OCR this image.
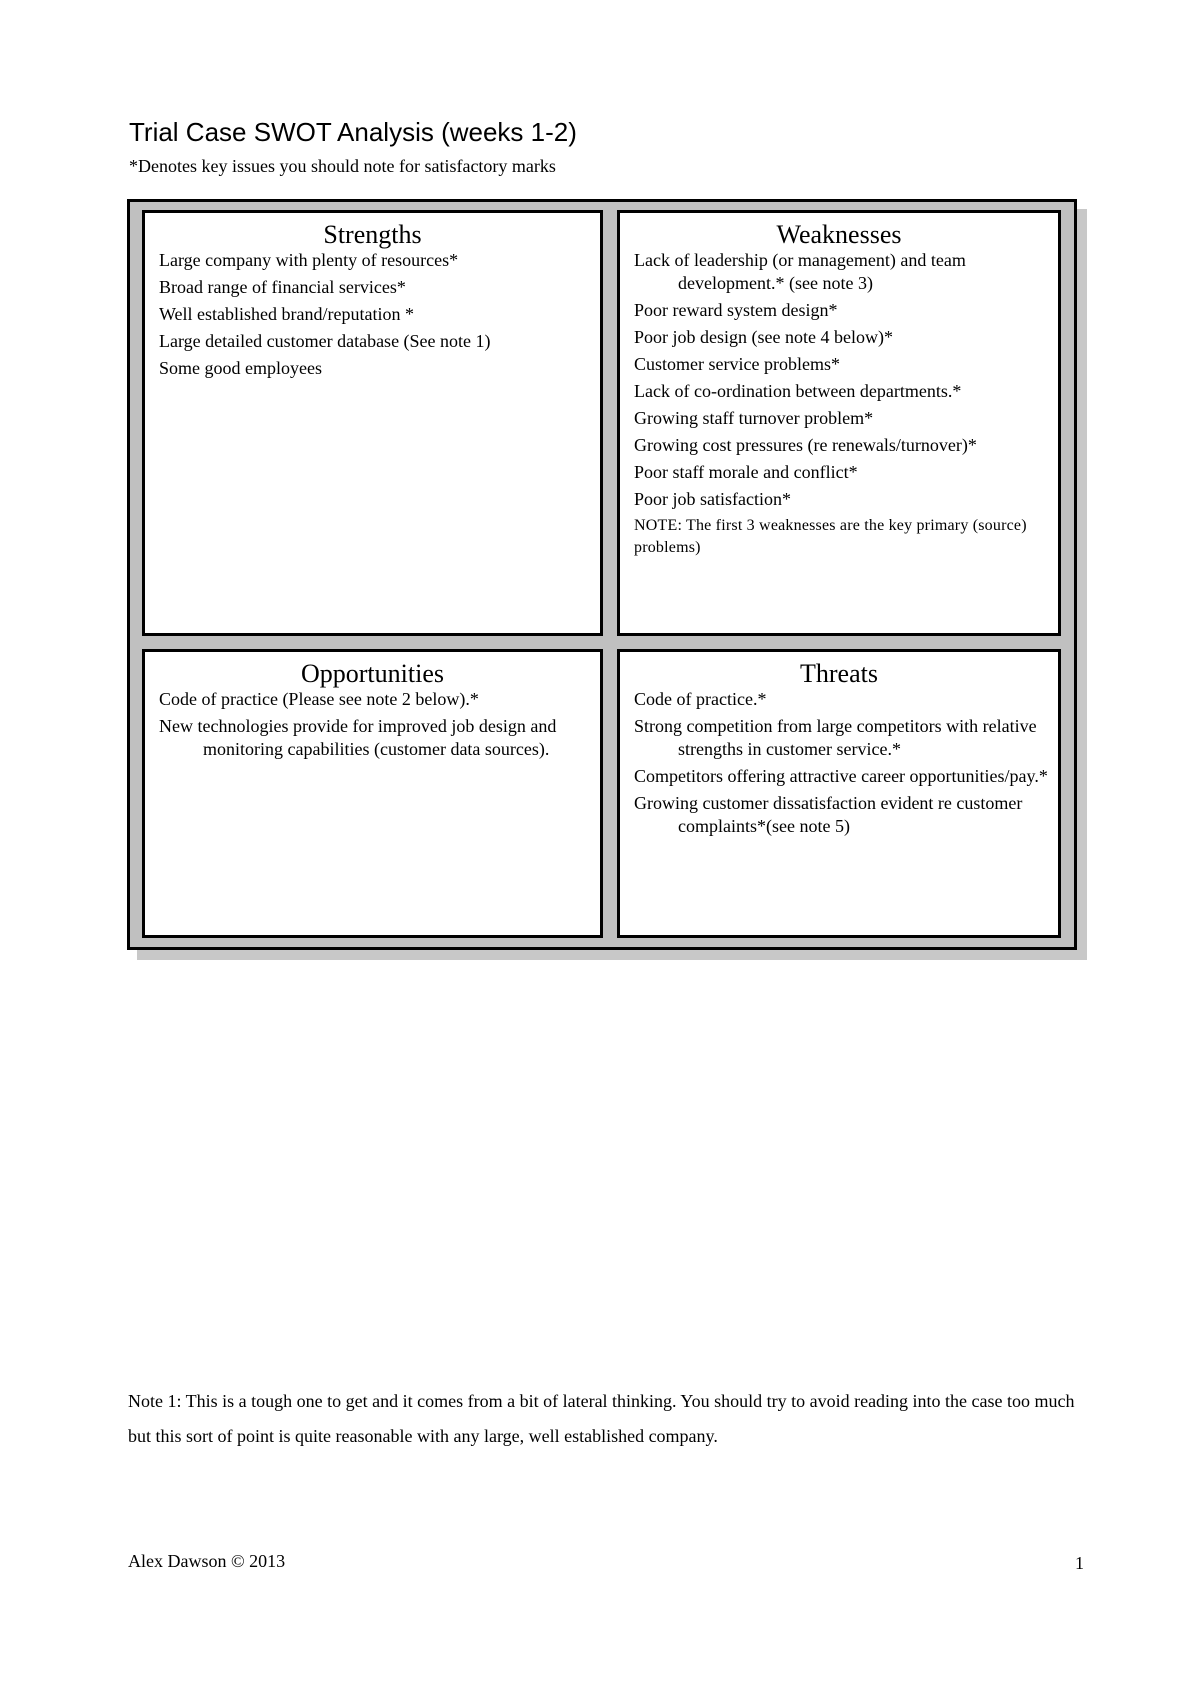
Trial Case SWOT Analysis (weeks 1-2)
*Denotes key issues you should note for satisfactory marks
Strengths
Large company with plenty of resources*
Broad range of financial services*
Well established brand/reputation *
Large detailed customer database (See note 1)
Some good employees
Weaknesses
Lack of leadership (or management) and team development.* (see note 3)
Poor reward system design*
Poor job design (see note 4 below)*
Customer service problems*
Lack of co-ordination between departments.*
Growing staff turnover problem*
Growing cost pressures (re renewals/turnover)*
Poor staff morale and conflict*
Poor job satisfaction*
NOTE: The first 3 weaknesses are the key primary (source) problems)
Opportunities
Code of practice (Please see note 2 below).*
New technologies provide for improved job design and monitoring capabilities (customer data sources).
Threats
Code of practice.*
Strong competition from large competitors with relative strengths in customer service.*
Competitors offering attractive career opportunities/pay.*
Growing customer dissatisfaction evident re customer complaints*(see note 5)

Note 1: This is a tough one to get and it comes from a bit of lateral thinking. You should try to avoid reading into the case too much but this sort of point is quite reasonable with any large, well established company.

Alex Dawson © 2013	1
